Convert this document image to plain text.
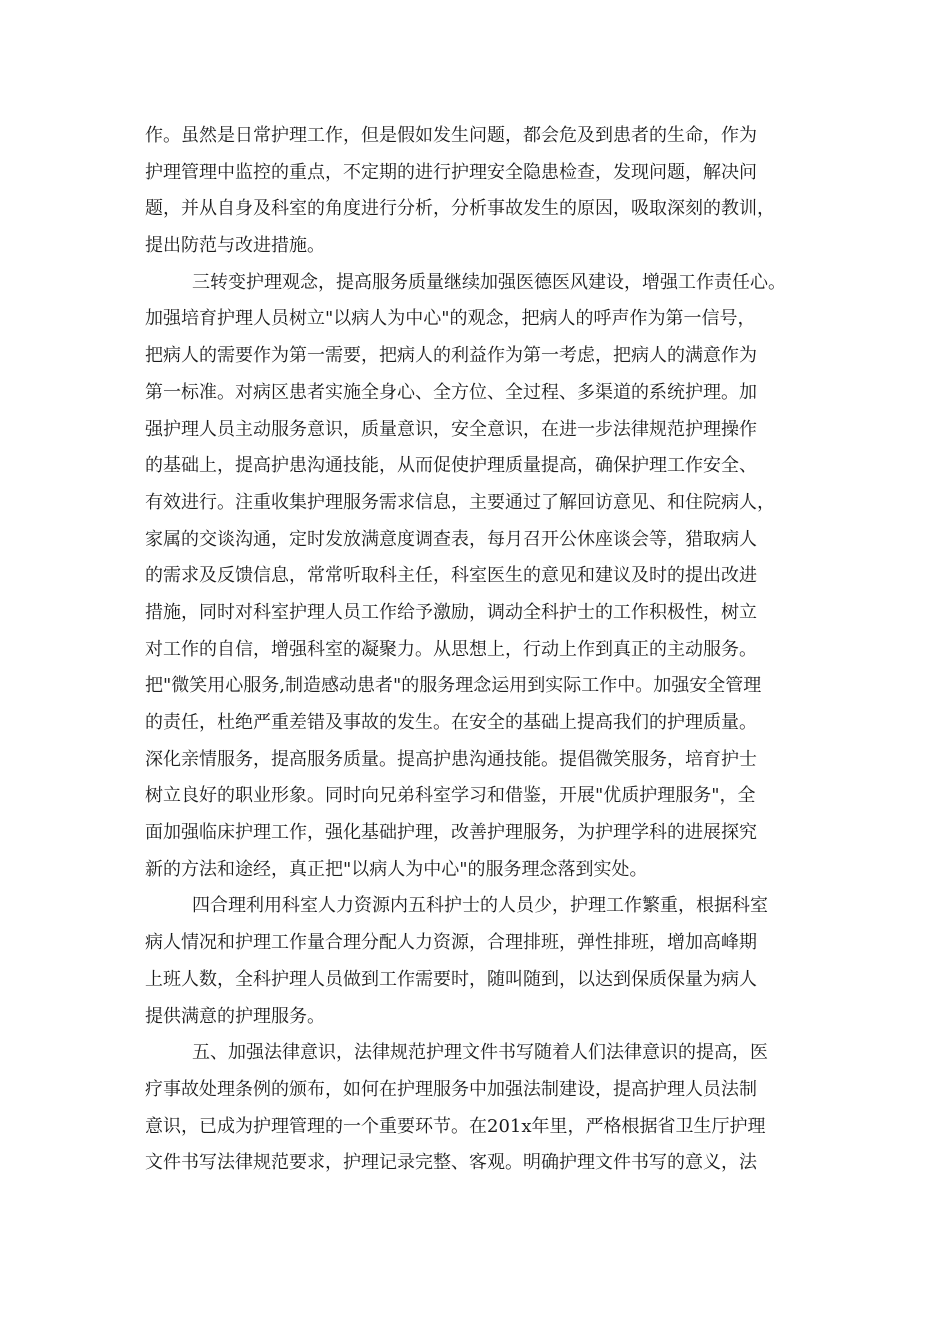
作。虽然是日常护理工作，但是假如发生问题，都会危及到患者的生命，作为
护理管理中监控的重点，不定期的进行护理安全隐患检查，发现问题，解决问
题，并从自身及科室的角度进行分析，分析事故发生的原因，吸取深刻的教训，
提出防范与改进措施。
三转变护理观念，提高服务质量继续加强医德医风建设，增强工作责任心。
加强培育护理人员树立"以病人为中心"的观念，把病人的呼声作为第一信号，
把病人的需要作为第一需要，把病人的利益作为第一考虑，把病人的满意作为
第一标准。对病区患者实施全身心、全方位、全过程、多渠道的系统护理。加
强护理人员主动服务意识，质量意识，安全意识，在进一步法律规范护理操作
的基础上，提高护患沟通技能，从而促使护理质量提高，确保护理工作安全、
有效进行。注重收集护理服务需求信息，主要通过了解回访意见、和住院病人，
家属的交谈沟通，定时发放满意度调查表，每月召开公休座谈会等，猎取病人
的需求及反馈信息，常常听取科主任，科室医生的意见和建议及时的提出改进
措施，同时对科室护理人员工作给予激励，调动全科护士的工作积极性，树立
对工作的自信，增强科室的凝聚力。从思想上，行动上作到真正的主动服务。
把"微笑用心服务,制造感动患者"的服务理念运用到实际工作中。加强安全管理
的责任，杜绝严重差错及事故的发生。在安全的基础上提高我们的护理质量。
深化亲情服务，提高服务质量。提高护患沟通技能。提倡微笑服务，培育护士
树立良好的职业形象。同时向兄弟科室学习和借鉴，开展"优质护理服务"，全
面加强临床护理工作，强化基础护理，改善护理服务，为护理学科的进展探究
新的方法和途经，真正把"以病人为中心"的服务理念落到实处。
四合理利用科室人力资源内五科护士的人员少，护理工作繁重，根据科室
病人情况和护理工作量合理分配人力资源，合理排班，弹性排班，增加高峰期
上班人数，全科护理人员做到工作需要时，随叫随到，以达到保质保量为病人
提供满意的护理服务。
五、加强法律意识，法律规范护理文件书写随着人们法律意识的提高，医
疗事故处理条例的颁布，如何在护理服务中加强法制建设，提高护理人员法制
意识，已成为护理管理的一个重要环节。在201x年里，严格根据省卫生厅护理
文件书写法律规范要求，护理记录完整、客观。明确护理文件书写的意义，法
